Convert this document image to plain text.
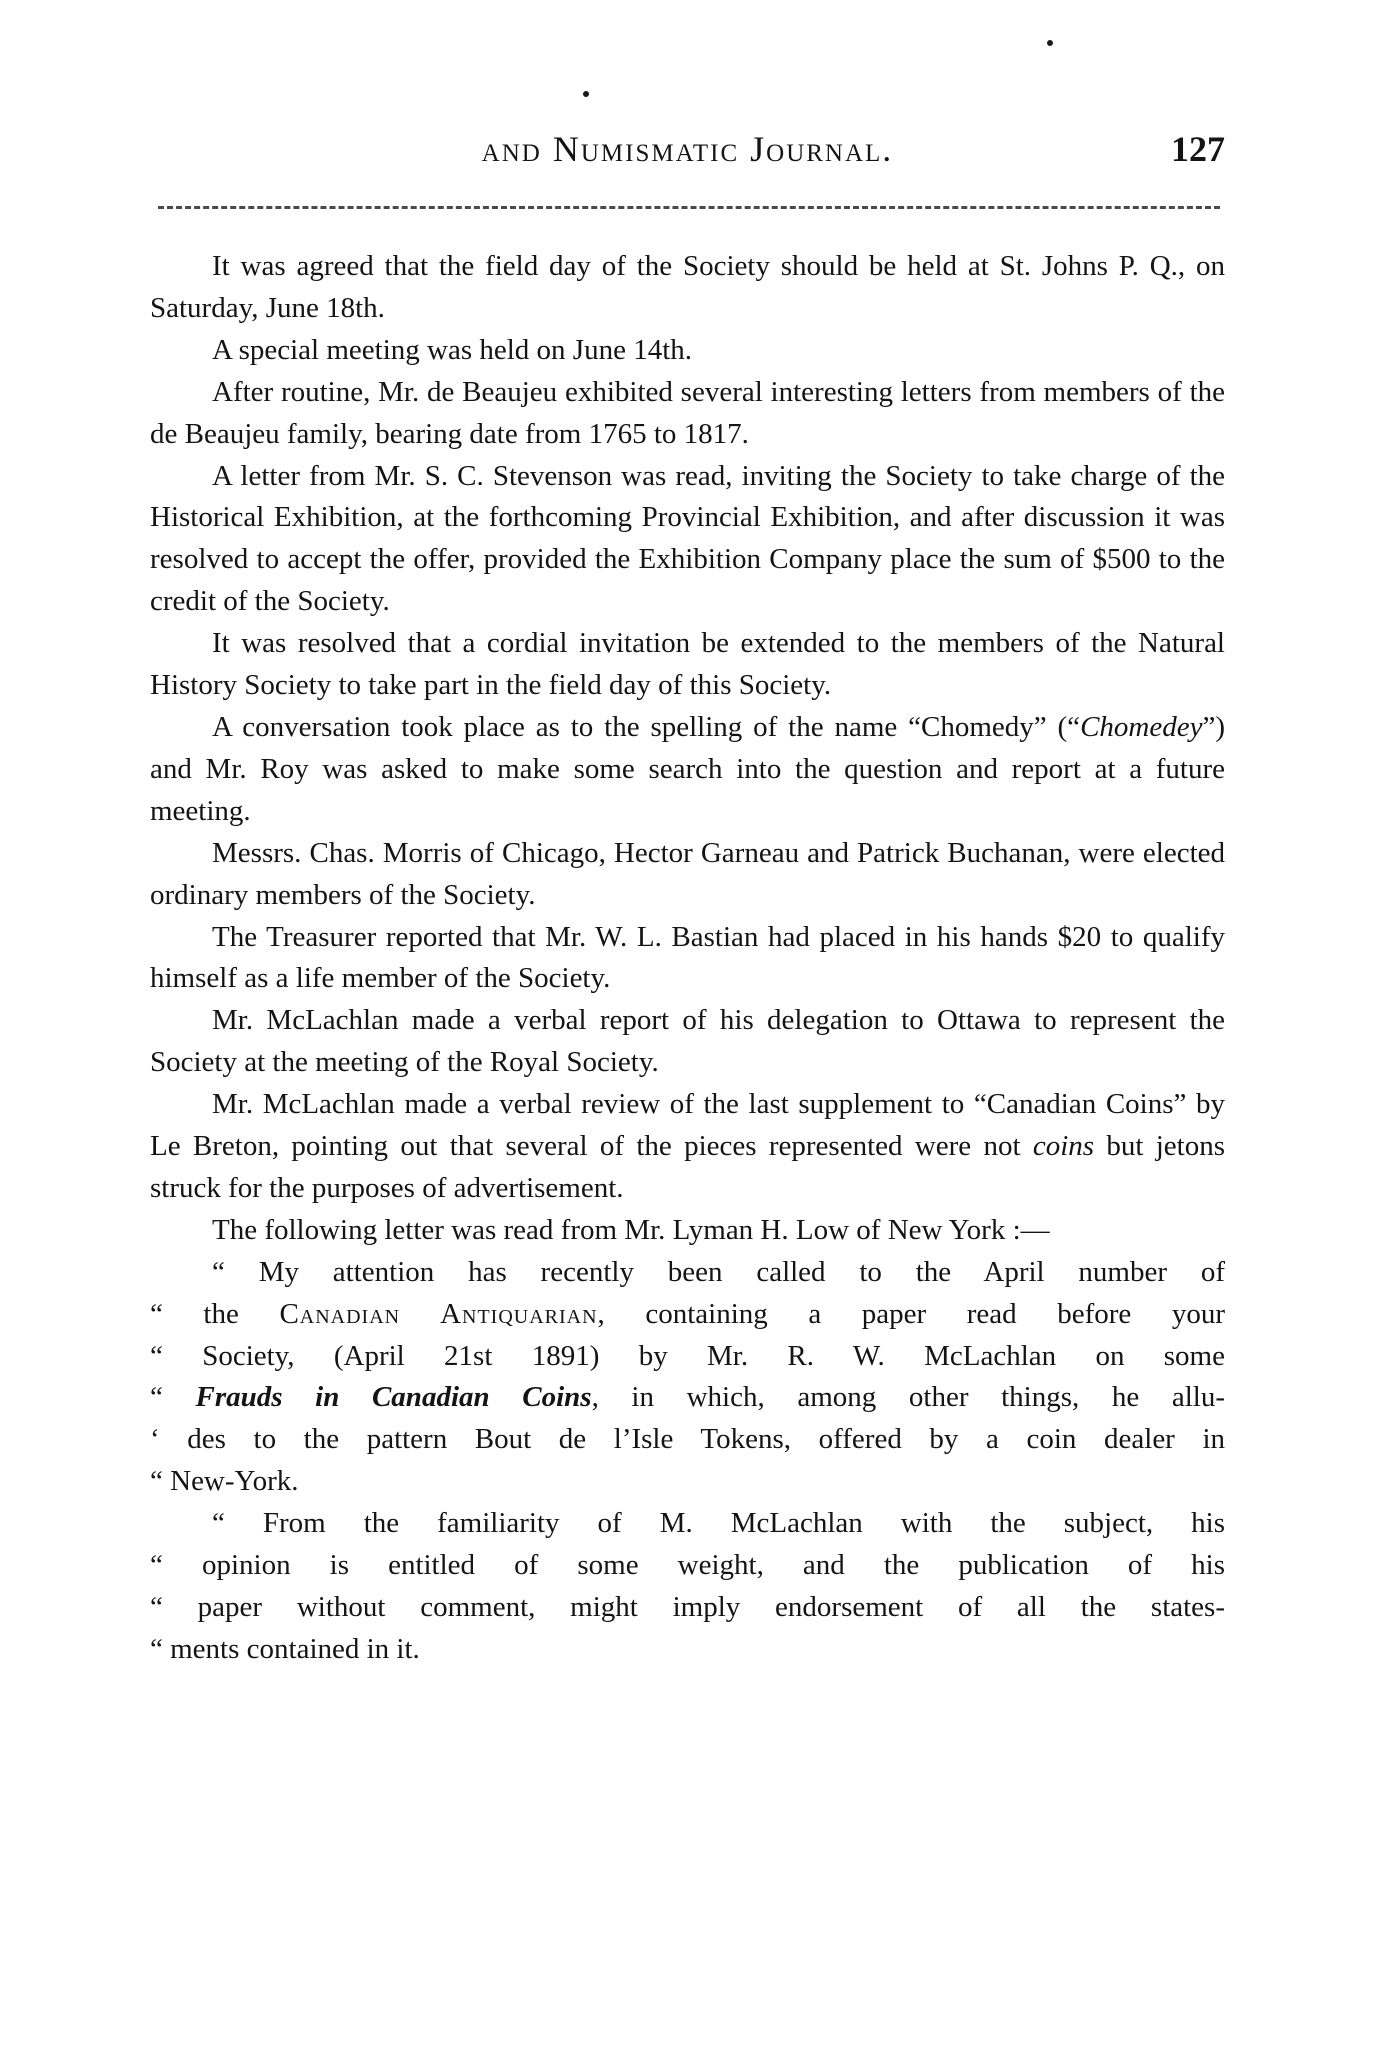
and Numismatic Journal.	127

It was agreed that the field day of the Society should be held at St. Johns P. Q., on Saturday, June 18th.

A special meeting was held on June 14th.

After routine, Mr. de Beaujeu exhibited several interesting letters from members of the de Beaujeu family, bearing date from 1765 to 1817.

A letter from Mr. S. C. Stevenson was read, inviting the Society to take charge of the Historical Exhibition, at the forthcoming Provincial Exhibition, and after discussion it was resolved to accept the offer, provided the Exhibition Company place the sum of $500 to the credit of the Society.

It was resolved that a cordial invitation be extended to the members of the Natural History Society to take part in the field day of this Society.

A conversation took place as to the spelling of the name “Chomedy” (“Chomedey”) and Mr. Roy was asked to make some search into the question and report at a future meeting.

Messrs. Chas. Morris of Chicago, Hector Garneau and Patrick Buchanan, were elected ordinary members of the Society.

The Treasurer reported that Mr. W. L. Bastian had placed in his hands $20 to qualify himself as a life member of the Society.

Mr. McLachlan made a verbal report of his delegation to Ottawa to represent the Society at the meeting of the Royal Society.

Mr. McLachlan made a verbal review of the last supplement to “Canadian Coins” by Le Breton, pointing out that several of the pieces represented were not coins but jetons struck for the purposes of advertisement.

The following letter was read from Mr. Lyman H. Low of New York :—

“ My attention has recently been called to the April number of

“ the Canadian Antiquarian, containing a paper read before your
“ Society, (April 21st 1891) by Mr. R. W. McLachlan on some
“ Frauds in Canadian Coins, in which, among other things, he allu-
‘ des to the pattern Bout de l’Isle Tokens, offered by a coin dealer in
“ New-York.

“ From the familiarity of M. McLachlan with the subject, his

“ opinion is entitled of some weight, and the publication of his
“ paper without comment, might imply endorsement of all the states-
“ ments contained in it.
